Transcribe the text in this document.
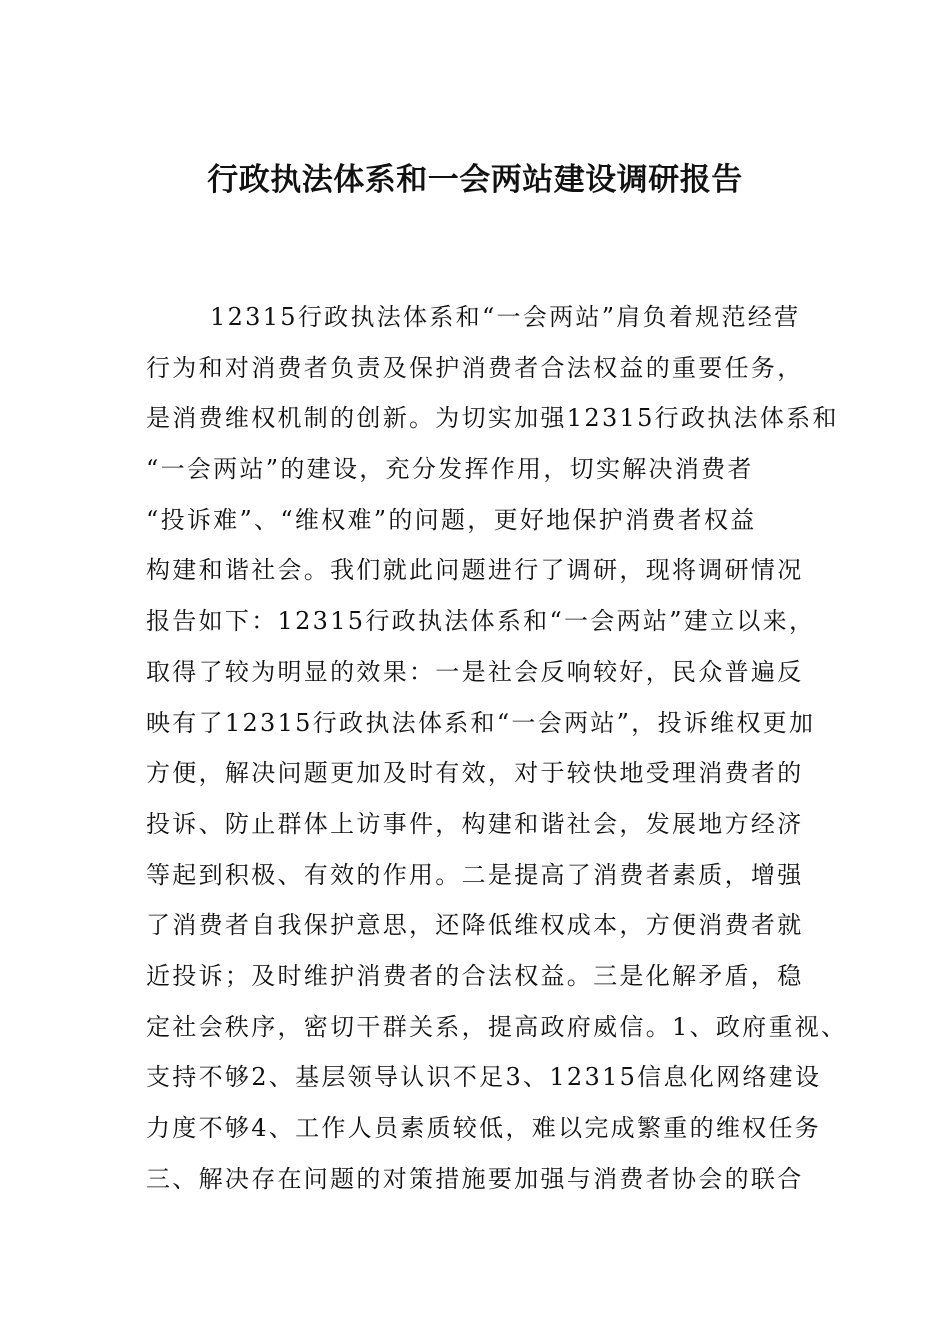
行政执法体系和一会两站建设调研报告
12315行政执法体系和“一会两站”肩负着规范经营
行为和对消费者负责及保护消费者合法权益的重要任务，
是消费维权机制的创新。为切实加强12315行政执法体系和
“一会两站”的建设，充分发挥作用，切实解决消费者
“投诉难”、“维权难”的问题，更好地保护消费者权益
构建和谐社会。我们就此问题进行了调研，现将调研情况
报告如下：12315行政执法体系和“一会两站”建立以来，
取得了较为明显的效果：一是社会反响较好，民众普遍反
映有了12315行政执法体系和“一会两站”，投诉维权更加
方便，解决问题更加及时有效，对于较快地受理消费者的
投诉、防止群体上访事件，构建和谐社会，发展地方经济
等起到积极、有效的作用。二是提高了消费者素质，增强
了消费者自我保护意思，还降低维权成本，方便消费者就
近投诉；及时维护消费者的合法权益。三是化解矛盾，稳
定社会秩序，密切干群关系，提高政府威信。1、政府重视、
支持不够2、基层领导认识不足3、12315信息化网络建设
力度不够4、工作人员素质较低，难以完成繁重的维权任务
三、解决存在问题的对策措施要加强与消费者协会的联合
